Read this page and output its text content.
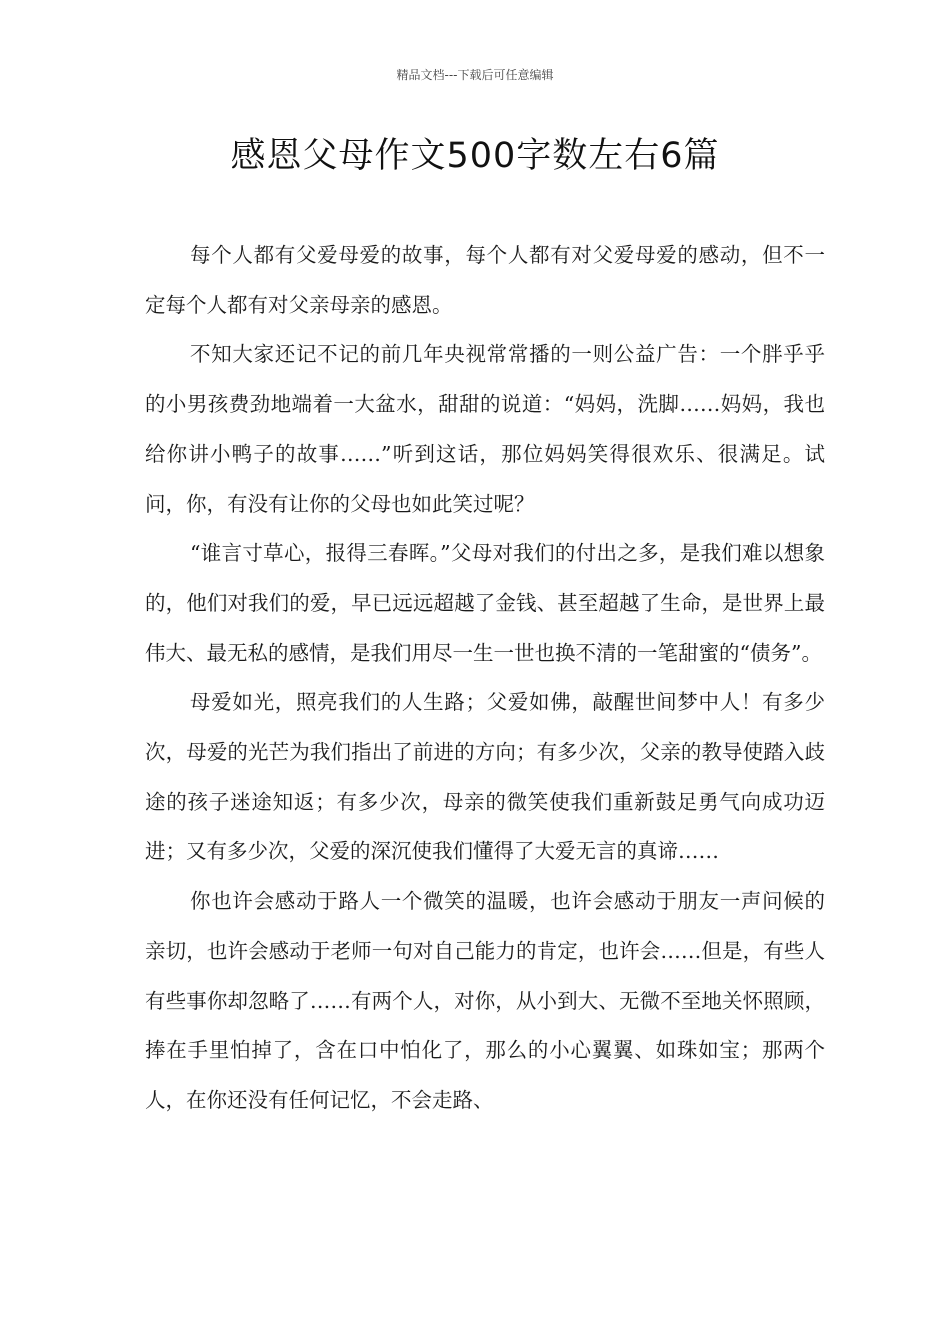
精品文档---下载后可任意编辑
感恩父母作文500字数左右6篇

每个人都有父爱母爱的故事，每个人都有对父爱母爱的感动，但不一定每个人都有对父亲母亲的感恩。

不知大家还记不记的前几年央视常常播的一则公益广告：一个胖乎乎的小男孩费劲地端着一大盆水，甜甜的说道：“妈妈，洗脚……妈妈，我也给你讲小鸭子的故事……”听到这话，那位妈妈笑得很欢乐、很满足。试问，你，有没有让你的父母也如此笑过呢？

“谁言寸草心，报得三春晖。”父母对我们的付出之多，是我们难以想象的，他们对我们的爱，早已远远超越了金钱、甚至超越了生命，是世界上最伟大、最无私的感情，是我们用尽一生一世也换不清的一笔甜蜜的“债务”。

母爱如光，照亮我们的人生路；父爱如佛，敲醒世间梦中人！有多少次，母爱的光芒为我们指出了前进的方向；有多少次，父亲的教导使踏入歧途的孩子迷途知返；有多少次，母亲的微笑使我们重新鼓足勇气向成功迈进；又有多少次，父爱的深沉使我们懂得了大爱无言的真谛……

你也许会感动于路人一个微笑的温暖，也许会感动于朋友一声问候的亲切，也许会感动于老师一句对自己能力的肯定，也许会……但是，有些人有些事你却忽略了……有两个人，对你，从小到大、无微不至地关怀照顾，捧在手里怕掉了，含在口中怕化了，那么的小心翼翼、如珠如宝；那两个人，在你还没有任何记忆，不会走路、
